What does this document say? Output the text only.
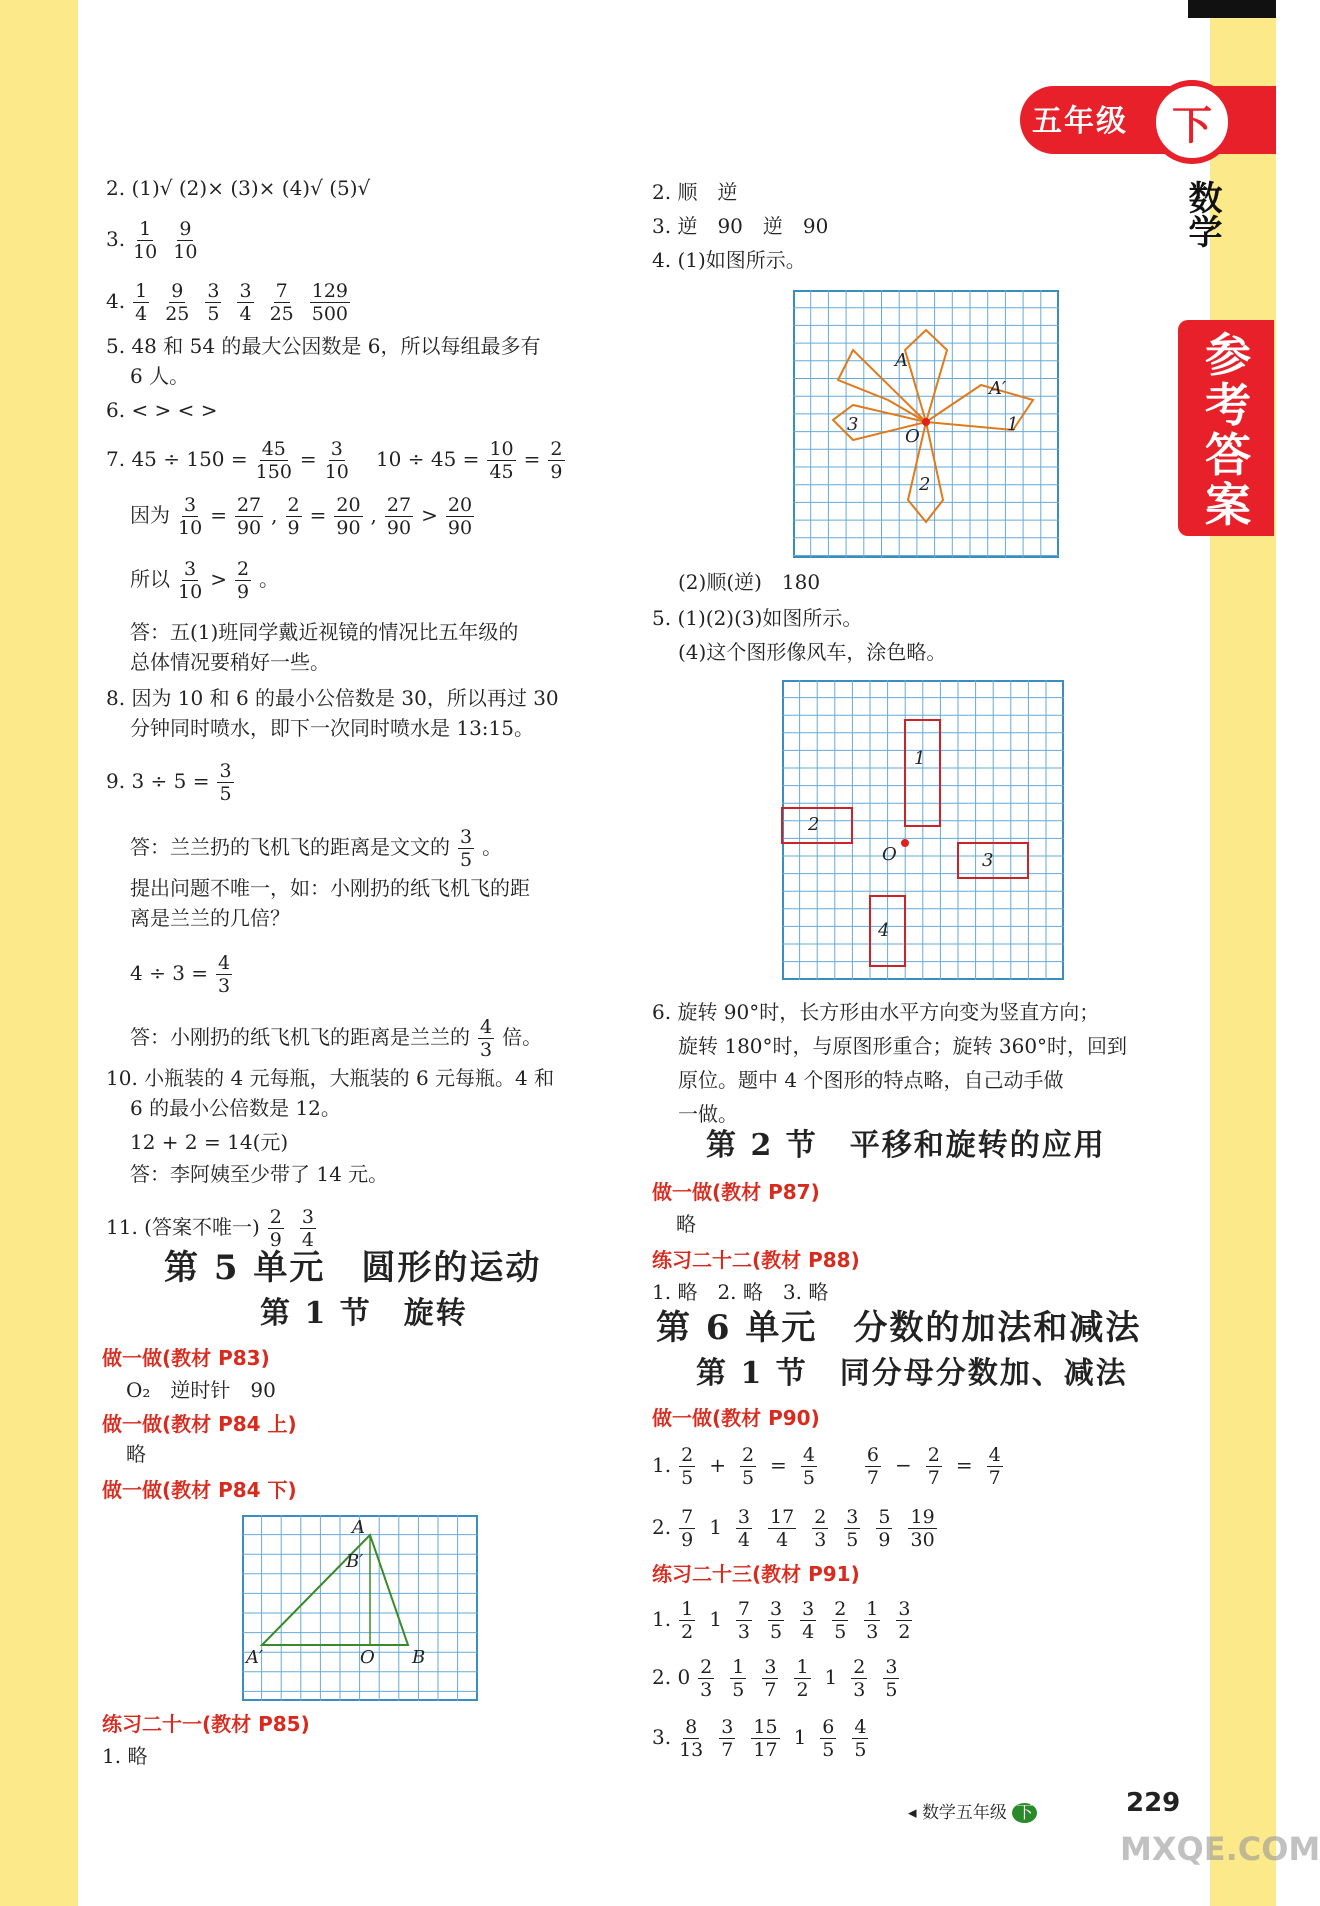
五年级	下
数学
参考答案
2. (1)√ (2)× (3)× (4)√ (5)√
3. $\frac{1}{10} \frac{9}{10}$
4. $\frac{1}{4} \frac{9}{25} \frac{3}{5} \frac{3}{4} \frac{7}{25} \frac{129}{500}$
5. 48 和 54 的最大公因数是 6，所以每组最多有
6 人。
6. < > < >
7. $45 \div 150 = \frac{45}{150} = \frac{3}{10} 10 \div 45 = \frac{10}{45} = \frac{2}{9}$
因为 $\frac{3}{10} = \frac{27}{90}$ , $\frac{2}{9} = \frac{20}{90}$ , $\frac{27}{90} > \frac{20}{90}$
所以 $\frac{3}{10} > \frac{2}{9}$ 。
答：五(1)班同学戴近视镜的情况比五年级的
总体情况要稍好一些。
8. 因为 10 和 6 的最小公倍数是 30，所以再过 30
分钟同时喷水，即下一次同时喷水是 13:15。
9. $3 \div 5 = \frac{3}{5}$
答：兰兰扔的飞机飞的距离是文文的 $\frac{3}{5}$ 。
提出问题不唯一，如：小刚扔的纸飞机飞的距
离是兰兰的几倍？
$4 \div 3 = \frac{4}{3}$
答：小刚扔的纸飞机飞的距离是兰兰的 $\frac{4}{3}$ 倍。
10. 小瓶装的 4 元每瓶，大瓶装的 6 元每瓶。4 和
6 的最小公倍数是 12。
12 + 2 = 14(元)
答：李阿姨至少带了 14 元。
11. (答案不唯一) $\frac{2}{9} \frac{3}{4}$
第 5 单元　圆形的运动
第 1 节　旋转
做一做(教材 P83)
O₂　逆时针　90
做一做(教材 P84 上)
略
做一做(教材 P84 下)
练习二十一(教材 P85)
1. 略
2. 顺　逆
3. 逆　90　逆　90
4. (1)如图所示。
(2)顺(逆)　180
5. (1)(2)(3)如图所示。
(4)这个图形像风车，涂色略。
6. 旋转 90°时，长方形由水平方向变为竖直方向；
旋转 180°时，与原图形重合；旋转 360°时，回到
原位。题中 4 个图形的特点略，自己动手做
一做。
第 2 节　平移和旋转的应用
做一做(教材 P87)
略
练习二十二(教材 P88)
1. 略　2. 略　3. 略
第 6 单元　分数的加法和减法
第 1 节　同分母分数加、减法
做一做(教材 P90)
1. $\frac{2}{5} + \frac{2}{5} = \frac{4}{5}$
　	$\frac{6}{7} - \frac{2}{7} = \frac{4}{7}$
2. $\frac{7}{9} 1 \frac{3}{4} \frac{17}{4} \frac{2}{3} \frac{3}{5} \frac{5}{9} \frac{19}{30}$
练习二十三(教材 P91)
1. $\frac{1}{2} 1 \frac{7}{3} \frac{3}{5} \frac{3}{4} \frac{2}{5} \frac{1}{3} \frac{3}{2}$
2. $0 \frac{2}{3} \frac{1}{5} \frac{3}{7} \frac{1}{2} 1 \frac{2}{3} \frac{3}{5}$
3. $\frac{8}{13} \frac{3}{7} \frac{15}{17} 1 \frac{6}{5} \frac{4}{5}$
A
A′
1
3
2
O
1
2
3
4
O
A
B′
A′	O B
◂ 数学五年级 下	229
MXQE.COM
